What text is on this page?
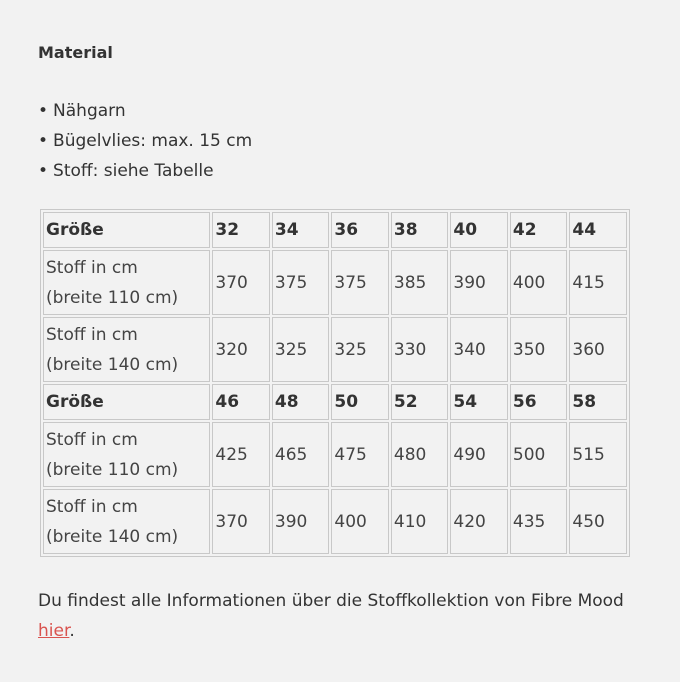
Material
• Nähgarn
• Bügelvlies: max. 15 cm
• Stoff: siehe Tabelle
Größe	32	34	36	38	40	42	44
Stoff in cm
(breite 110 cm)	370	375	375	385	390	400	415
Stoff in cm
(breite 140 cm)	320	325	325	330	340	350	360
Größe	46	48	50	52	54	56	58
Stoff in cm
(breite 110 cm)	425	465	475	480	490	500	515
Stoff in cm
(breite 140 cm)	370	390	400	410	420	435	450

Du findest alle Informationen über die Stoffkollektion von Fibre Mood hier.
